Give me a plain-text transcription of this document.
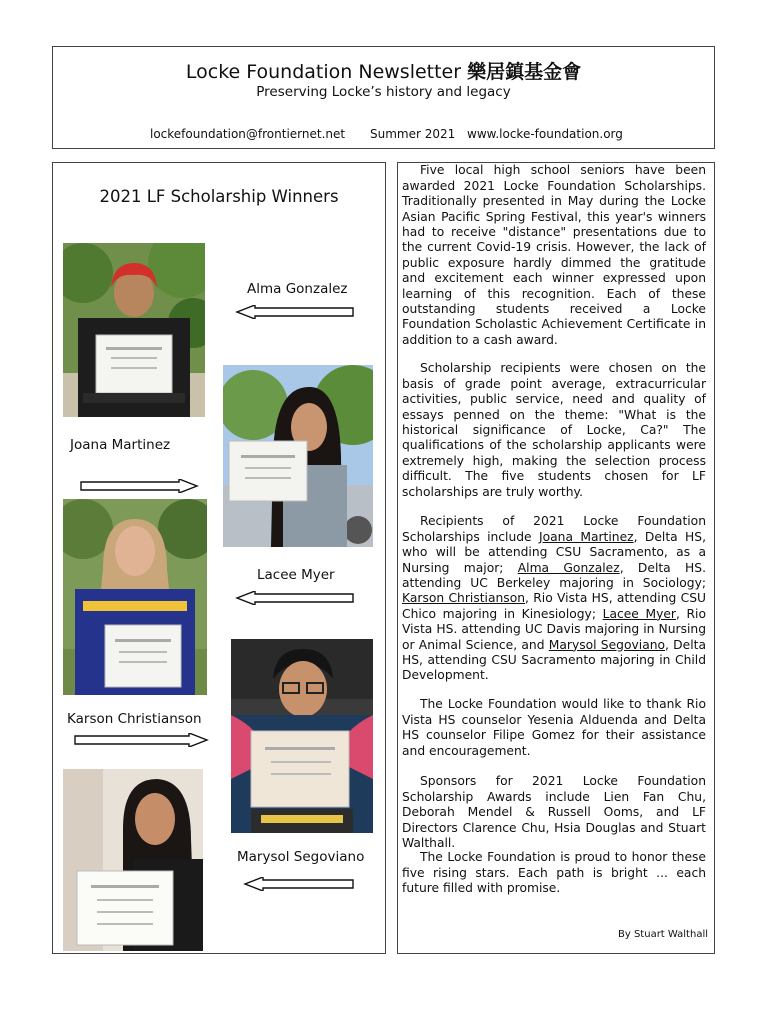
Locke Foundation Newsletter 樂居鎮基金會
Preserving Locke’s history and legacy
lockefoundation@frontiernet.net Summer 2021 www.locke-foundation.org
2021 LF Scholarship Winners
Alma Gonzalez
Joana Martinez
Lacee Myer
Karson Christianson
Marysol Segoviano

Five local high school seniors have been awarded 2021 Locke Foundation Scholarships. Traditionally presented in May during the Locke Asian Pacific Spring Festival, this year's winners had to receive "distance" presentations due to the current Covid-19 crisis. However, the lack of public exposure hardly dimmed the gratitude and excitement each winner expressed upon learning of this recognition. Each of these outstanding students received a Locke Foundation Scholastic Achievement Certificate in addition to a cash award.

Scholarship recipients were chosen on the basis of grade point average, extracurricular activities, public service, need and quality of essays penned on the theme: "What is the historical significance of Locke, Ca?" The qualifications of the scholarship applicants were extremely high, making the selection process difficult. The five students chosen for LF scholarships are truly worthy.

Recipients of 2021 Locke Foundation Scholarships include Joana Martinez, Delta HS, who will be attending CSU Sacramento, as a Nursing major; Alma Gonzalez, Delta HS. attending UC Berkeley majoring in Sociology; Karson Christianson, Rio Vista HS, attending CSU Chico majoring in Kinesiology; Lacee Myer, Rio Vista HS. attending UC Davis majoring in Nursing or Animal Science, and Marysol Segoviano, Delta HS, attending CSU Sacramento majoring in Child Development.

The Locke Foundation would like to thank Rio Vista HS counselor Yesenia Alduenda and Delta HS counselor Filipe Gomez for their assistance and encouragement.

Sponsors for 2021 Locke Foundation Scholarship Awards include Lien Fan Chu, Deborah Mendel & Russell Ooms, and LF Directors Clarence Chu, Hsia Douglas and Stuart Walthall.

The Locke Foundation is proud to honor these five rising stars. Each path is bright ... each future filled with promise.

By Stuart Walthall
